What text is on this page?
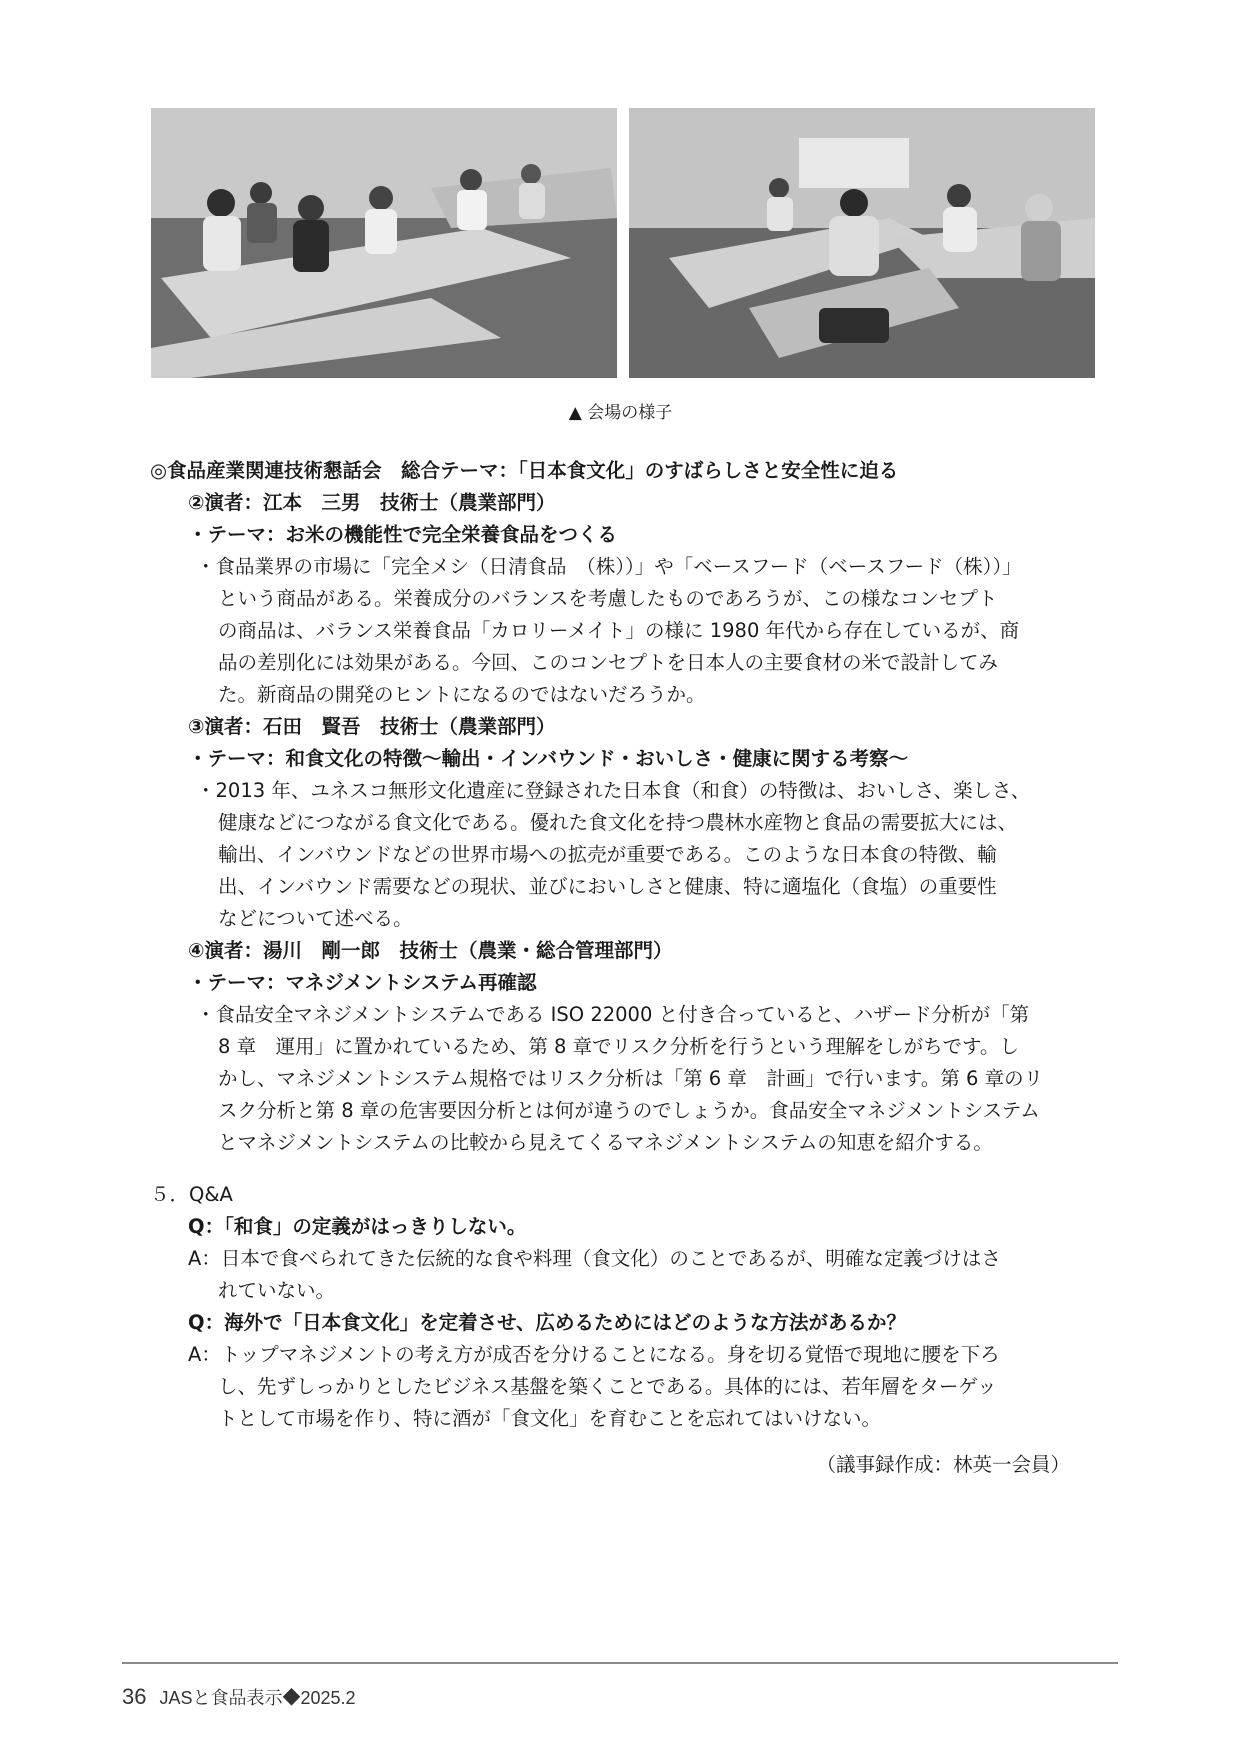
▲ 会場の様子
◎食品産業関連技術懇話会　総合テーマ：「日本食文化」のすばらしさと安全性に迫る
②演者：江本　三男　技術士（農業部門）
・テーマ：お米の機能性で完全栄養食品をつくる
・食品業界の市場に「完全メシ（日清食品　（株））」や「ベースフード（ベースフード（株））」
という商品がある。栄養成分のバランスを考慮したものであろうが、この様なコンセプト
の商品は、バランス栄養食品「カロリーメイト」の様に 1980 年代から存在しているが、商
品の差別化には効果がある。今回、このコンセプトを日本人の主要食材の米で設計してみ
た。新商品の開発のヒントになるのではないだろうか。
③演者：石田　賢吾　技術士（農業部門）
・テーマ：和食文化の特徴～輸出・インバウンド・おいしさ・健康に関する考察～
・2013 年、ユネスコ無形文化遺産に登録された日本食（和食）の特徴は、おいしさ、楽しさ、
健康などにつながる食文化である。優れた食文化を持つ農林水産物と食品の需要拡大には、
輸出、インバウンドなどの世界市場への拡売が重要である。このような日本食の特徴、輸
出、インバウンド需要などの現状、並びにおいしさと健康、特に適塩化（食塩）の重要性
などについて述べる。
④演者：湯川　剛一郎　技術士（農業・総合管理部門）
・テーマ：マネジメントシステム再確認
・食品安全マネジメントシステムである ISO 22000 と付き合っていると、ハザード分析が「第
8 章　運用」に置かれているため、第 8 章でリスク分析を行うという理解をしがちです。し
かし、マネジメントシステム規格ではリスク分析は「第 6 章　計画」で行います。第 6 章のリ
スク分析と第 8 章の危害要因分析とは何が違うのでしょうか。食品安全マネジメントシステム
とマネジメントシステムの比較から見えてくるマネジメントシステムの知恵を紹介する。
５．Q&A
Q：「和食」の定義がはっきりしない。
A：日本で食べられてきた伝統的な食や料理（食文化）のことであるが、明確な定義づけはさ
れていない。
Q：海外で「日本食文化」を定着させ、広めるためにはどのような方法があるか？
A：トップマネジメントの考え方が成否を分けることになる。身を切る覚悟で現地に腰を下ろ
し、先ずしっかりとしたビジネス基盤を築くことである。具体的には、若年層をターゲッ
トとして市場を作り、特に酒が「食文化」を育むことを忘れてはいけない。
（議事録作成：林英一会員）
36 JASと食品表示◆2025.2
